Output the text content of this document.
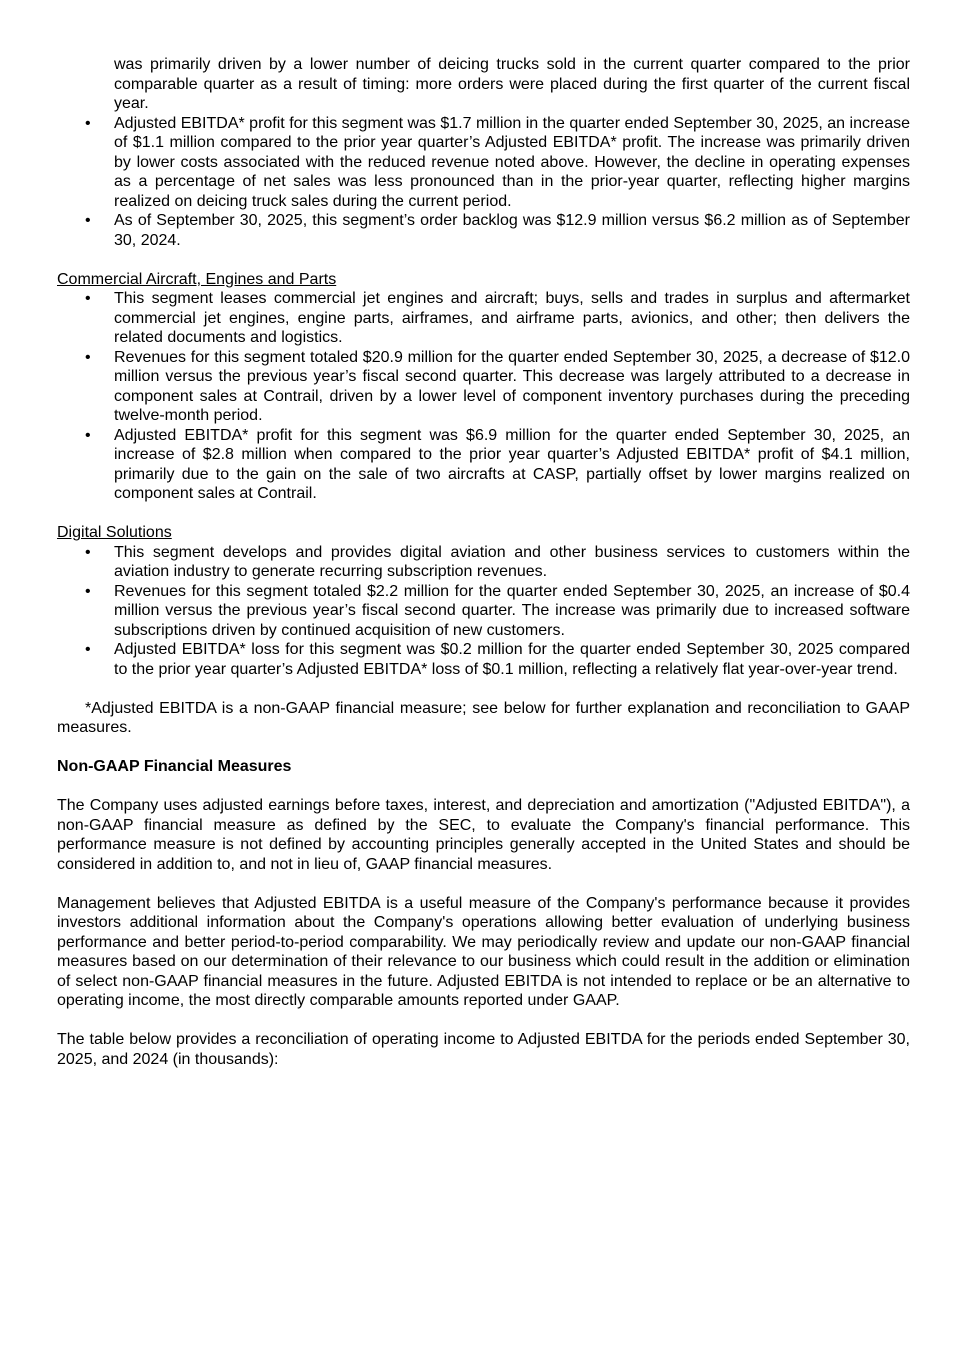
was primarily driven by a lower number of deicing trucks sold in the current quarter compared to the prior comparable quarter as a result of timing: more orders were placed during the first quarter of the current fiscal year.
• Adjusted EBITDA* profit for this segment was $1.7 million in the quarter ended September 30, 2025, an increase of $1.1 million compared to the prior year quarter’s Adjusted EBITDA* profit. The increase was primarily driven by lower costs associated with the reduced revenue noted above. However, the decline in operating expenses as a percentage of net sales was less pronounced than in the prior-year quarter, reflecting higher margins realized on deicing truck sales during the current period.
• As of September 30, 2025, this segment’s order backlog was $12.9 million versus $6.2 million as of September 30, 2024.
Commercial Aircraft, Engines and Parts
• This segment leases commercial jet engines and aircraft; buys, sells and trades in surplus and aftermarket commercial jet engines, engine parts, airframes, and airframe parts, avionics, and other; then delivers the related documents and logistics.
• Revenues for this segment totaled $20.9 million for the quarter ended September 30, 2025, a decrease of $12.0 million versus the previous year’s fiscal second quarter. This decrease was largely attributed to a decrease in component sales at Contrail, driven by a lower level of component inventory purchases during the preceding twelve-month period.
• Adjusted EBITDA* profit for this segment was $6.9 million for the quarter ended September 30, 2025, an increase of $2.8 million when compared to the prior year quarter’s Adjusted EBITDA* profit of $4.1 million, primarily due to the gain on the sale of two aircrafts at CASP, partially offset by lower margins realized on component sales at Contrail.
Digital Solutions
• This segment develops and provides digital aviation and other business services to customers within the aviation industry to generate recurring subscription revenues.
• Revenues for this segment totaled $2.2 million for the quarter ended September 30, 2025, an increase of $0.4 million versus the previous year’s fiscal second quarter. The increase was primarily due to increased software subscriptions driven by continued acquisition of new customers.
• Adjusted EBITDA* loss for this segment was $0.2 million for the quarter ended September 30, 2025 compared to the prior year quarter’s Adjusted EBITDA* loss of $0.1 million, reflecting a relatively flat year-over-year trend.
*Adjusted EBITDA is a non-GAAP financial measure; see below for further explanation and reconciliation to GAAP measures.
Non-GAAP Financial Measures
The Company uses adjusted earnings before taxes, interest, and depreciation and amortization ("Adjusted EBITDA"), a non-GAAP financial measure as defined by the SEC, to evaluate the Company's financial performance. This performance measure is not defined by accounting principles generally accepted in the United States and should be considered in addition to, and not in lieu of, GAAP financial measures.
Management believes that Adjusted EBITDA is a useful measure of the Company's performance because it provides investors additional information about the Company's operations allowing better evaluation of underlying business performance and better period-to-period comparability. We may periodically review and update our non-GAAP financial measures based on our determination of their relevance to our business which could result in the addition or elimination of select non-GAAP financial measures in the future. Adjusted EBITDA is not intended to replace or be an alternative to operating income, the most directly comparable amounts reported under GAAP.
The table below provides a reconciliation of operating income to Adjusted EBITDA for the periods ended September 30, 2025, and 2024 (in thousands):
